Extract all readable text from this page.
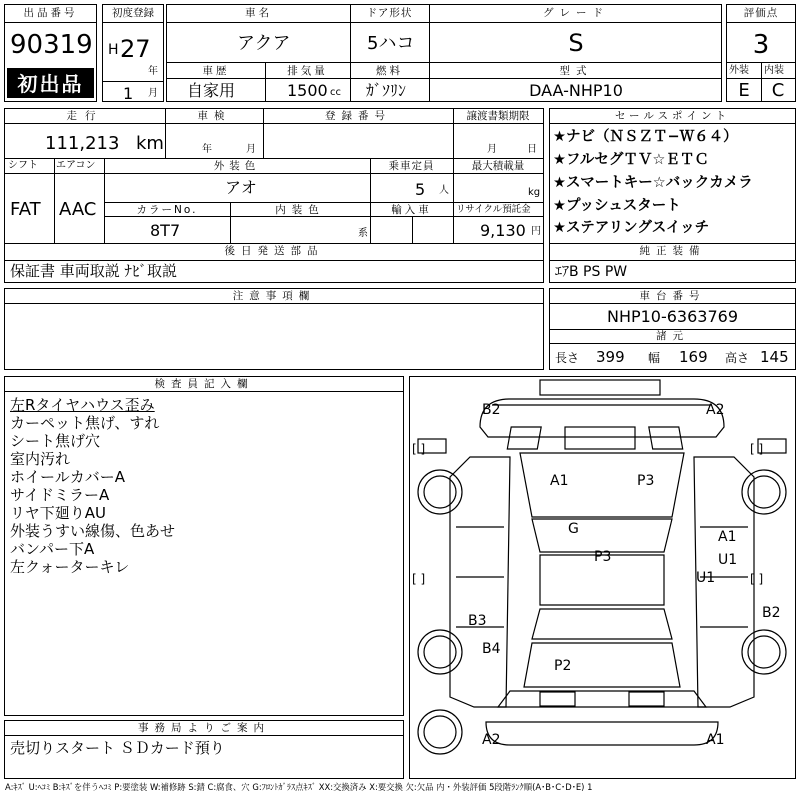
出品番号
90319
初出品
初度登録
H 27
年
1 月
車名
アクア
ドア形状
5ハコ
グレード
S
車歴
自家用
排気量
1500 cc
燃料
ｶﾞｿﾘﾝ
型式
DAA-NHP10
評価点
3
外装 内装
E	C
走行
111,213 km
車検
年	月
登録番号	譲渡書類期限
月	日
シフト
FAT
エアコン
AAC
外装色
アオ
乗車定員
5 人
最大積載量
kg
カラーNo.
8T7
内装色
系
輸入車	リサイクル預託金
9,130 円
後日発送部品
保証書 車両取説 ﾅﾋﾞ取説
セールスポイント
★ナビ（ＮＳＺＴ−Ｗ６４）
★フルセグＴＶ☆ＥＴＣ
★スマートキー☆バックカメラ
★プッシュスタート
★ステアリングスイッチ
純正装備
ｴｱB PS PW
注意事項欄	車台番号
NHP10-6363769
諸元
長さ 399 幅 169 高さ 145
検査員記入欄
左Rタイヤハウス歪み
カーペット焦げ、すれ
シート焦げ穴
室内汚れ
ホイールカバーA
サイドミラーA
リヤ下廻りAU
外装うすい線傷、色あせ
バンパー下A
左クォーターキレ
B2	A2
[ ]	[ ]
A1	P3
G	A1
P3	U1
U1
[ ]	[ ]
B2
B3
B4
P2
A2	A1
事務局よりご案内
売切りスタート ＳＤカード預り
A:ｷｽﾞ U:ﾍｺﾐ B:ｷｽﾞを伴うﾍｺﾐ P:要塗装 W:補修跡 S:錆 C:腐食、穴 G:ﾌﾛﾝﾄｶﾞﾗｽ点ｷｽﾞ XX:交換済み X:要交換 欠:欠品 内・外装評価 5段階ﾗﾝｸ順(A･B･C･D･E) 1
